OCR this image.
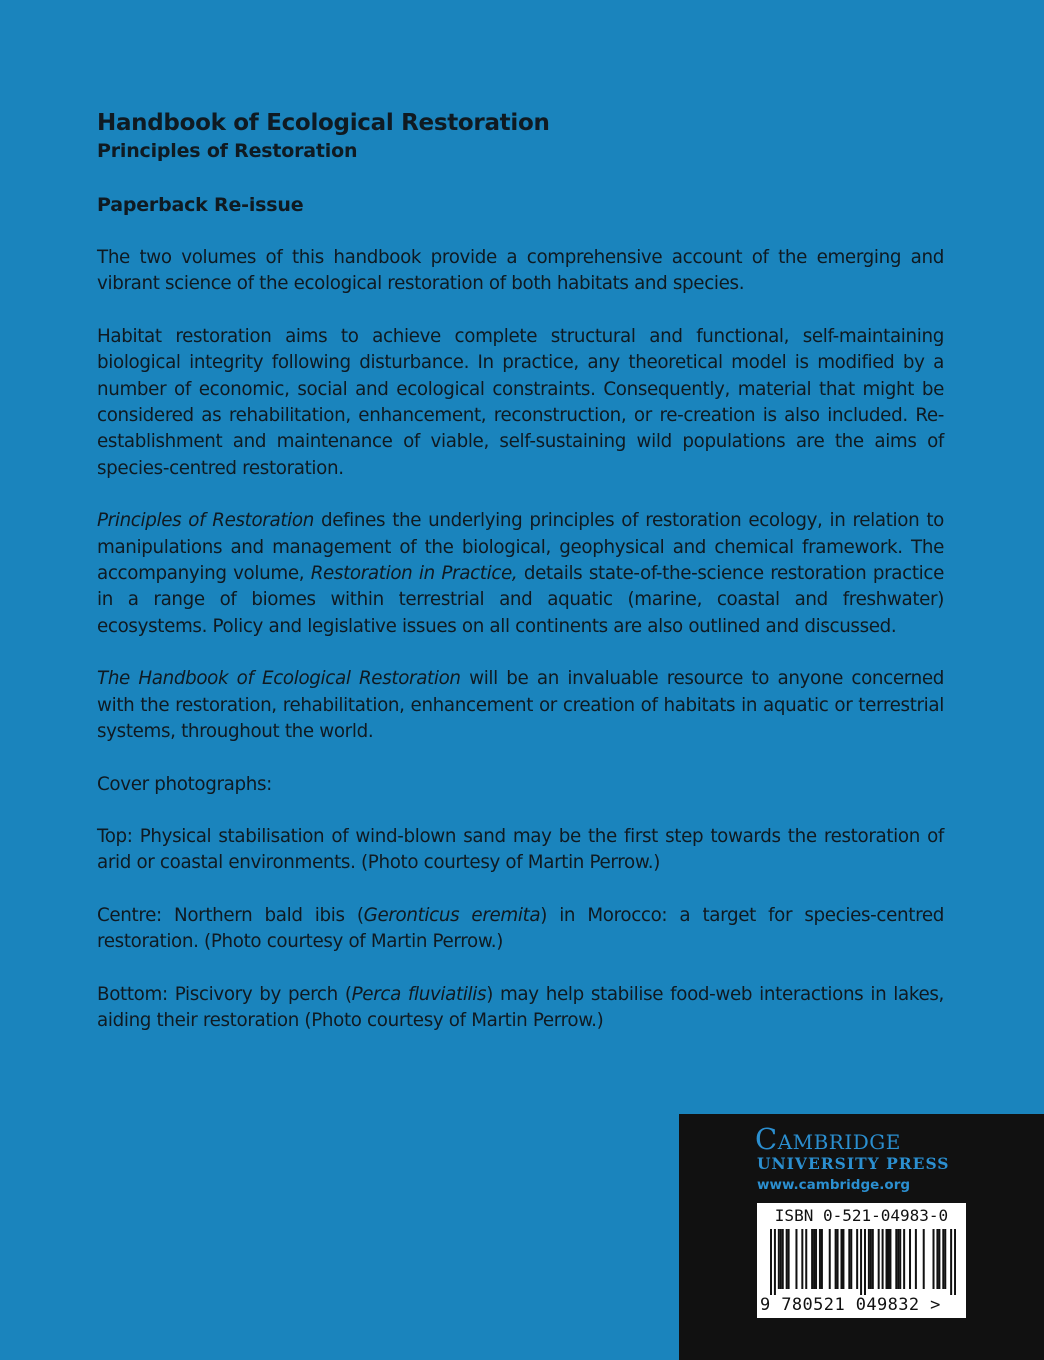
Handbook of Ecological Restoration
Principles of Restoration
Paperback Re-issue

The two volumes of this handbook provide a comprehensive account of the emerging and vibrant science of the ecological restoration of both habitats and species.

Habitat restoration aims to achieve complete structural and functional, self-maintaining biological integrity following disturbance. In practice, any theoretical model is modified by a number of economic, social and ecological constraints. Consequently, material that might be considered as rehabilitation, enhancement, reconstruction, or re-creation is also included. Re-establishment and maintenance of viable, self-sustaining wild populations are the aims of species-centred restoration.

Principles of Restoration defines the underlying principles of restoration ecology, in relation to manipulations and management of the biological, geophysical and chemical framework. The accompanying volume, Restoration in Practice, details state-of-the-science restoration practice in a range of biomes within terrestrial and aquatic (marine, coastal and freshwater) ecosystems. Policy and legislative issues on all continents are also outlined and discussed.

The Handbook of Ecological Restoration will be an invaluable resource to anyone concerned with the restoration, rehabilitation, enhancement or creation of habitats in aquatic or terrestrial systems, throughout the world.

Cover photographs:

Top: Physical stabilisation of wind-blown sand may be the first step towards the restoration of arid or coastal environments. (Photo courtesy of Martin Perrow.)

Centre: Northern bald ibis (Geronticus eremita) in Morocco: a target for species-centred restoration. (Photo courtesy of Martin Perrow.)

Bottom: Piscivory by perch (Perca fluviatilis) may help stabilise food-web interactions in lakes, aiding their restoration (Photo courtesy of Martin Perrow.)

Cambridge

UNIVERSITY PRESS

www.cambridge.org

ISBN 0-521-04983-0

9 780521 049832 >
